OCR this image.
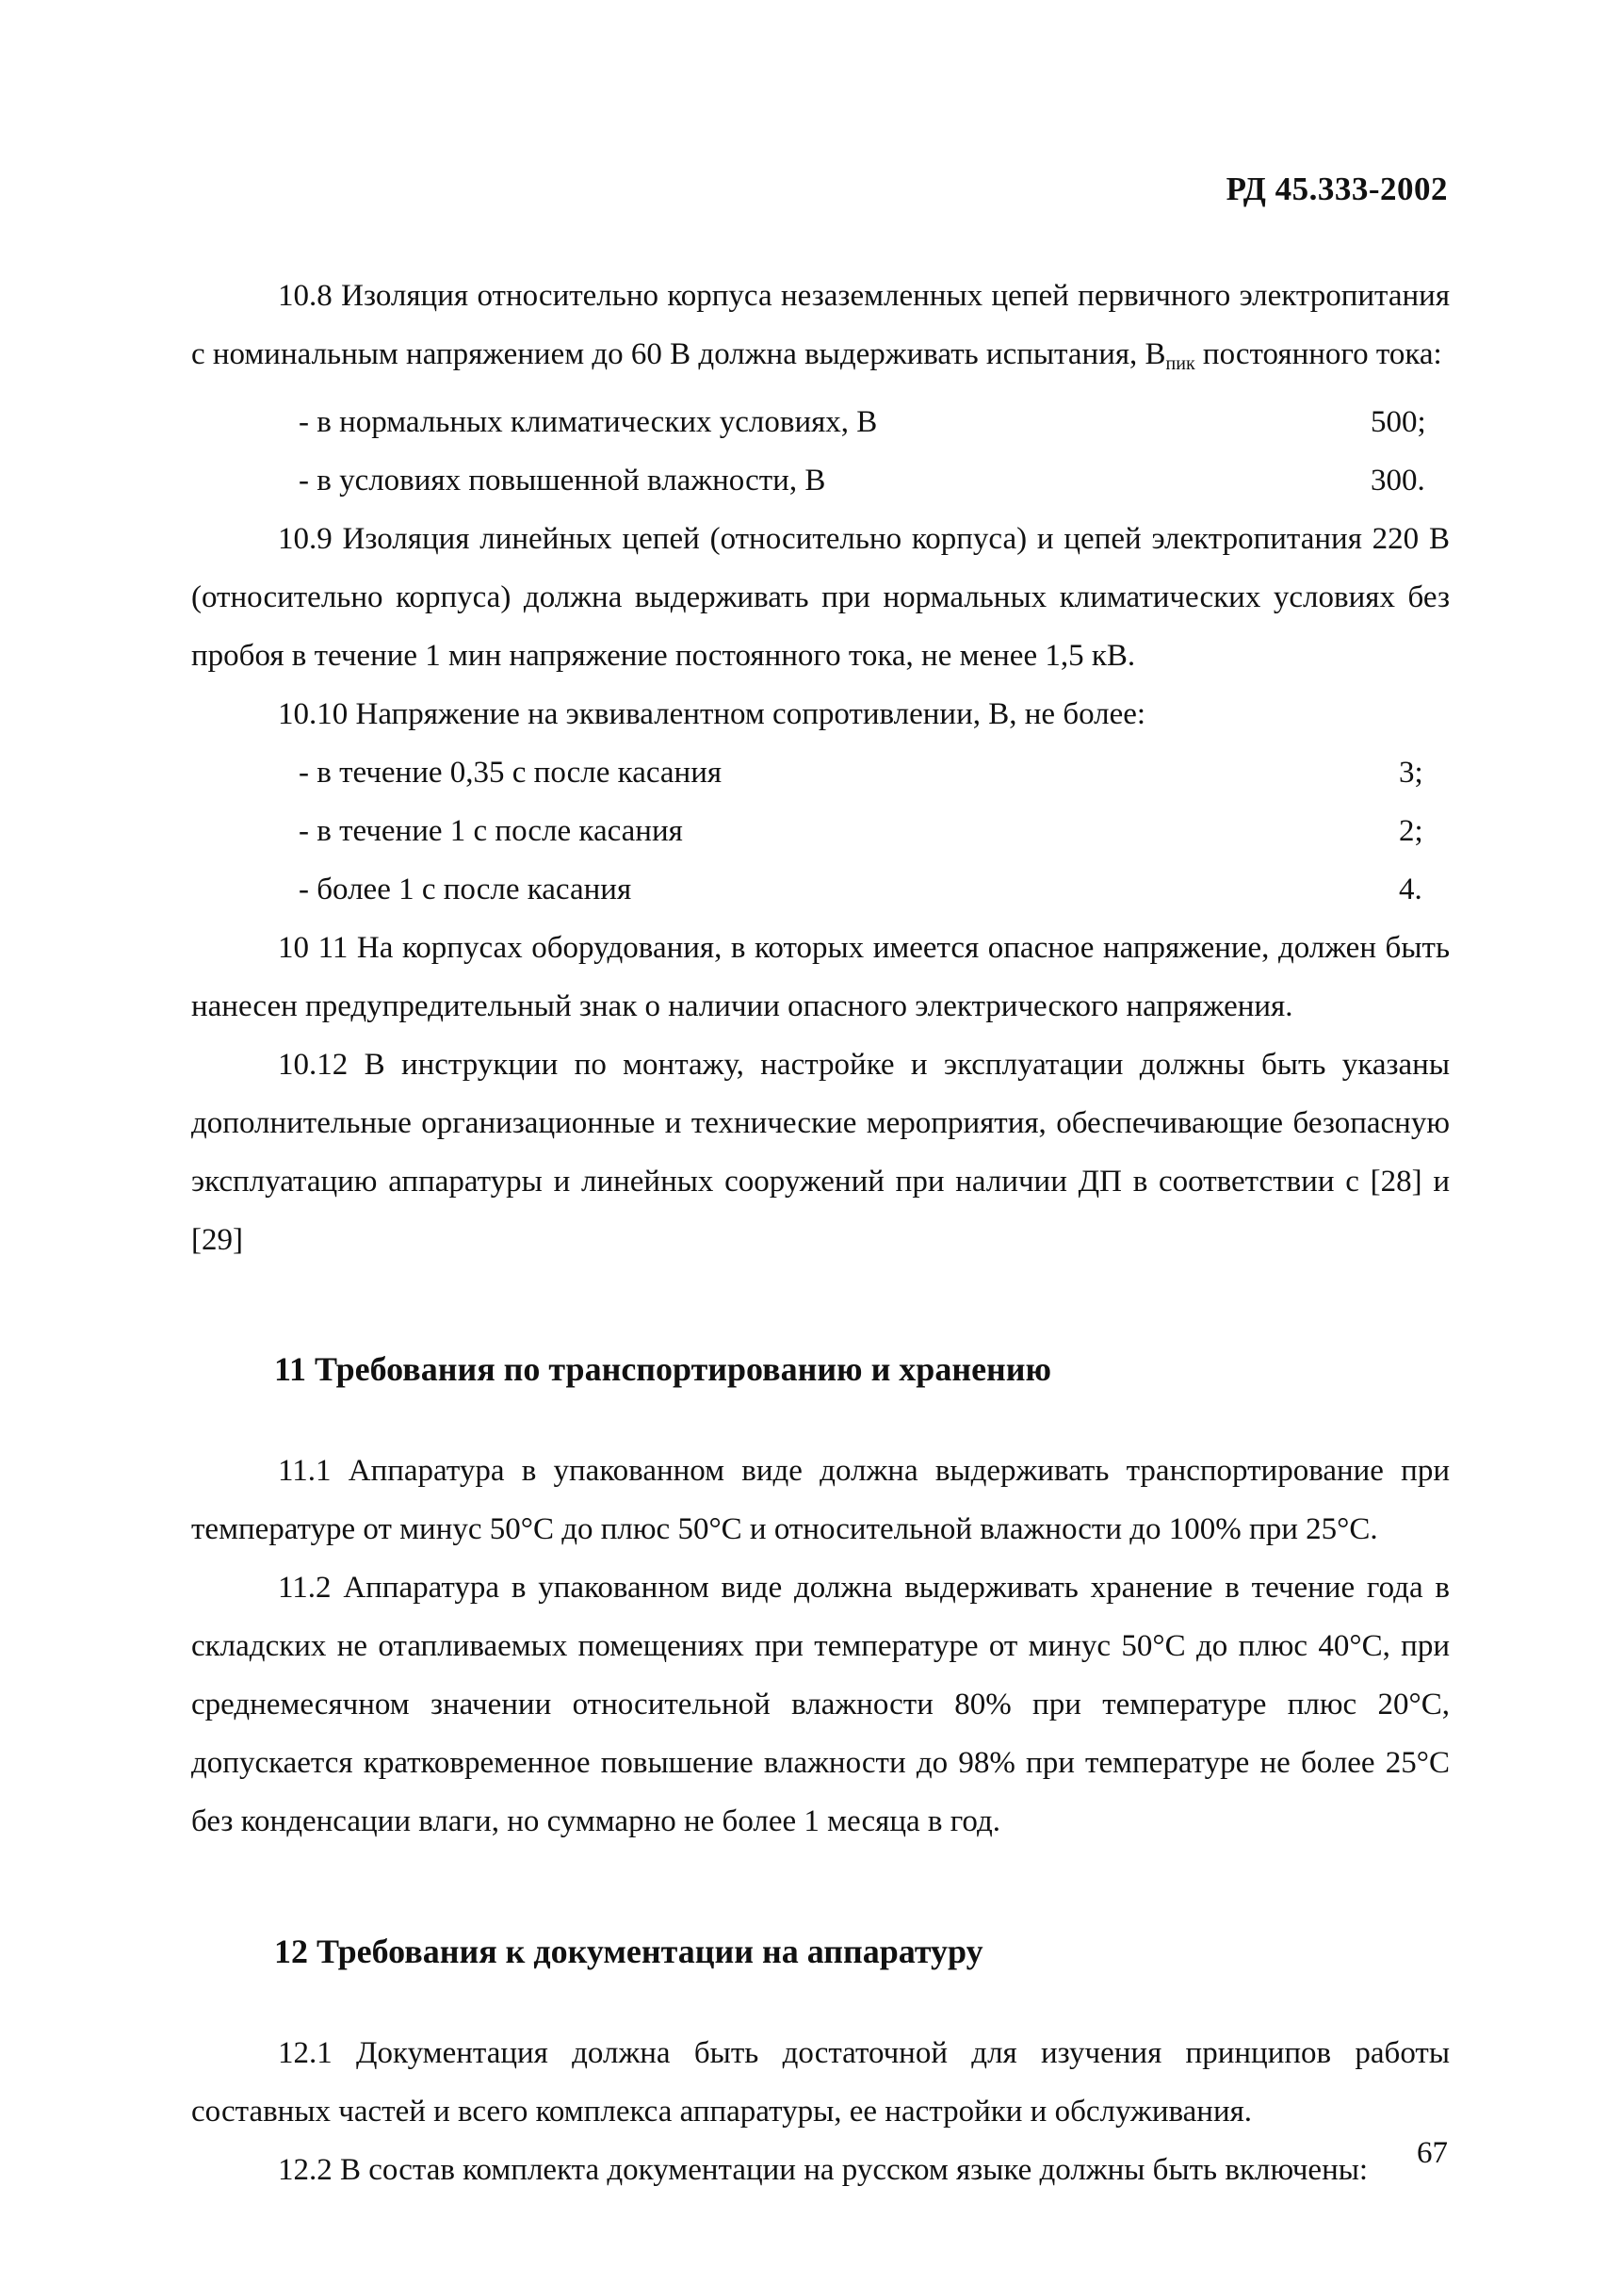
РД 45.333-2002

10.8 Изоляция относительно корпуса незаземленных цепей первичного электропитания с номинальным напряжением до 60 В должна выдерживать испытания, $В_{пик}$ постоянного тока:

- в нормальных климатических условиях, В	500;
- в условиях повышенной влажности, В	300.

10.9 Изоляция линейных цепей (относительно корпуса) и цепей электропитания 220 В (относительно корпуса) должна выдерживать при нормальных климатических условиях без пробоя в течение 1 мин напряжение постоянного тока, не менее 1,5 кВ.

10.10 Напряжение на эквивалентном сопротивлении, В, не более:

- в течение 0,35 с после касания	3;
- в течение 1 с после касания	2;
- более 1 с после касания	4.

10 11 На корпусах оборудования, в которых имеется опасное напряжение, должен быть нанесен предупредительный знак о наличии опасного электрического напряжения.

10.12 В инструкции по монтажу, настройке и эксплуатации должны быть указаны дополнительные организационные и технические мероприятия, обеспечивающие безопасную эксплуатацию аппаратуры и линейных сооружений при наличии ДП в соответствии с [28] и [29]

11 Требования по транспортированию и хранению

11.1 Аппаратура в упакованном виде должна выдерживать транспортирование при температуре от минус 50°С до плюс 50°С и относительной влажности до 100% при 25°С.

11.2 Аппаратура в упакованном виде должна выдерживать хранение в течение года в складских не отапливаемых помещениях при температуре от минус 50°С до плюс 40°С, при среднемесячном значении относительной влажности 80% при температуре плюс 20°С, допускается кратковременное повышение влажности до 98% при температуре не более 25°С без конденсации влаги, но суммарно не более 1 месяца в год.

12 Требования к документации на аппаратуру

12.1 Документация должна быть достаточной для изучения принципов работы составных частей и всего комплекса аппаратуры, ее настройки и обслуживания.

12.2 В состав комплекта документации на русском языке должны быть включены:	67
